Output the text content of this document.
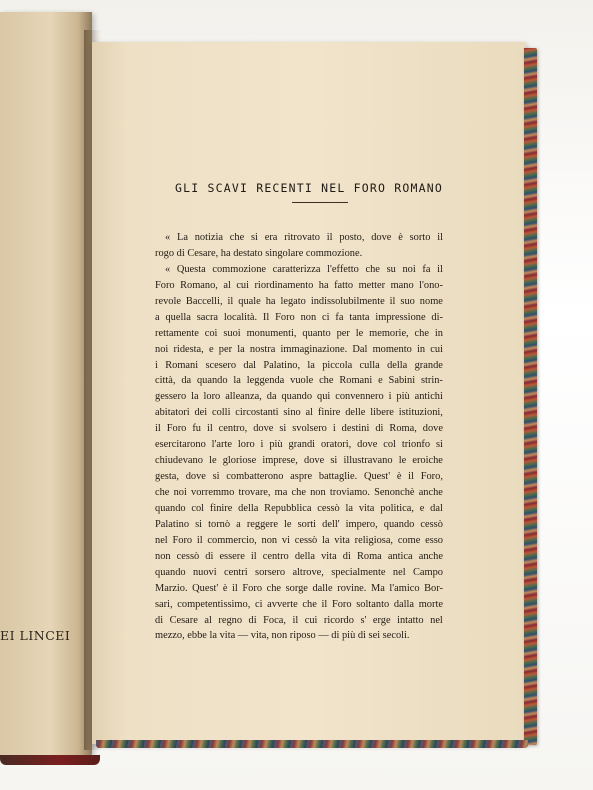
EI LINCEI
GLI SCAVI RECENTI NEL FORO ROMANO
« La notizia che si era ritrovato il posto, dove è sorto il
rogo di Cesare, ha destato singolare commozione.
« Questa commozione caratterizza l'effetto che su noi fa il
Foro Romano, al cui riordinamento ha fatto metter mano l'ono-
revole Baccelli, il quale ha legato indissolubilmente il suo nome
a quella sacra località. Il Foro non ci fa tanta impressione di-
rettamente coi suoi monumenti, quanto per le memorie, che in
noi ridesta, e per la nostra immaginazione. Dal momento in cui
i Romani scesero dal Palatino, la piccola culla della grande
città, da quando la leggenda vuole che Romani e Sabini strin-
gessero la loro alleanza, da quando qui convennero i più antichi
abitatori dei colli circostanti sino al finire delle libere istituzioni,
il Foro fu il centro, dove si svolsero i destini di Roma, dove
esercitarono l'arte loro i più grandi oratori, dove col trionfo si
chiudevano le gloriose imprese, dove si illustravano le eroiche
gesta, dove si combatterono aspre battaglie. Quest' è il Foro,
che noi vorremmo trovare, ma che non troviamo. Senonchè anche
quando col finire della Repubblica cessò la vita politica, e dal
Palatino si tornò a reggere le sorti dell' impero, quando cessò
nel Foro il commercio, non vi cessò la vita religiosa, come esso
non cessò di essere il centro della vita di Roma antica anche
quando nuovi centri sorsero altrove, specialmente nel Campo
Marzio. Quest' è il Foro che sorge dalle rovine. Ma l'amico Bor-
sari, competentissimo, ci avverte che il Foro soltanto dalla morte
di Cesare al regno di Foca, il cui ricordo s' erge intatto nel
mezzo, ebbe la vita — vita, non riposo — di più di sei secoli.
